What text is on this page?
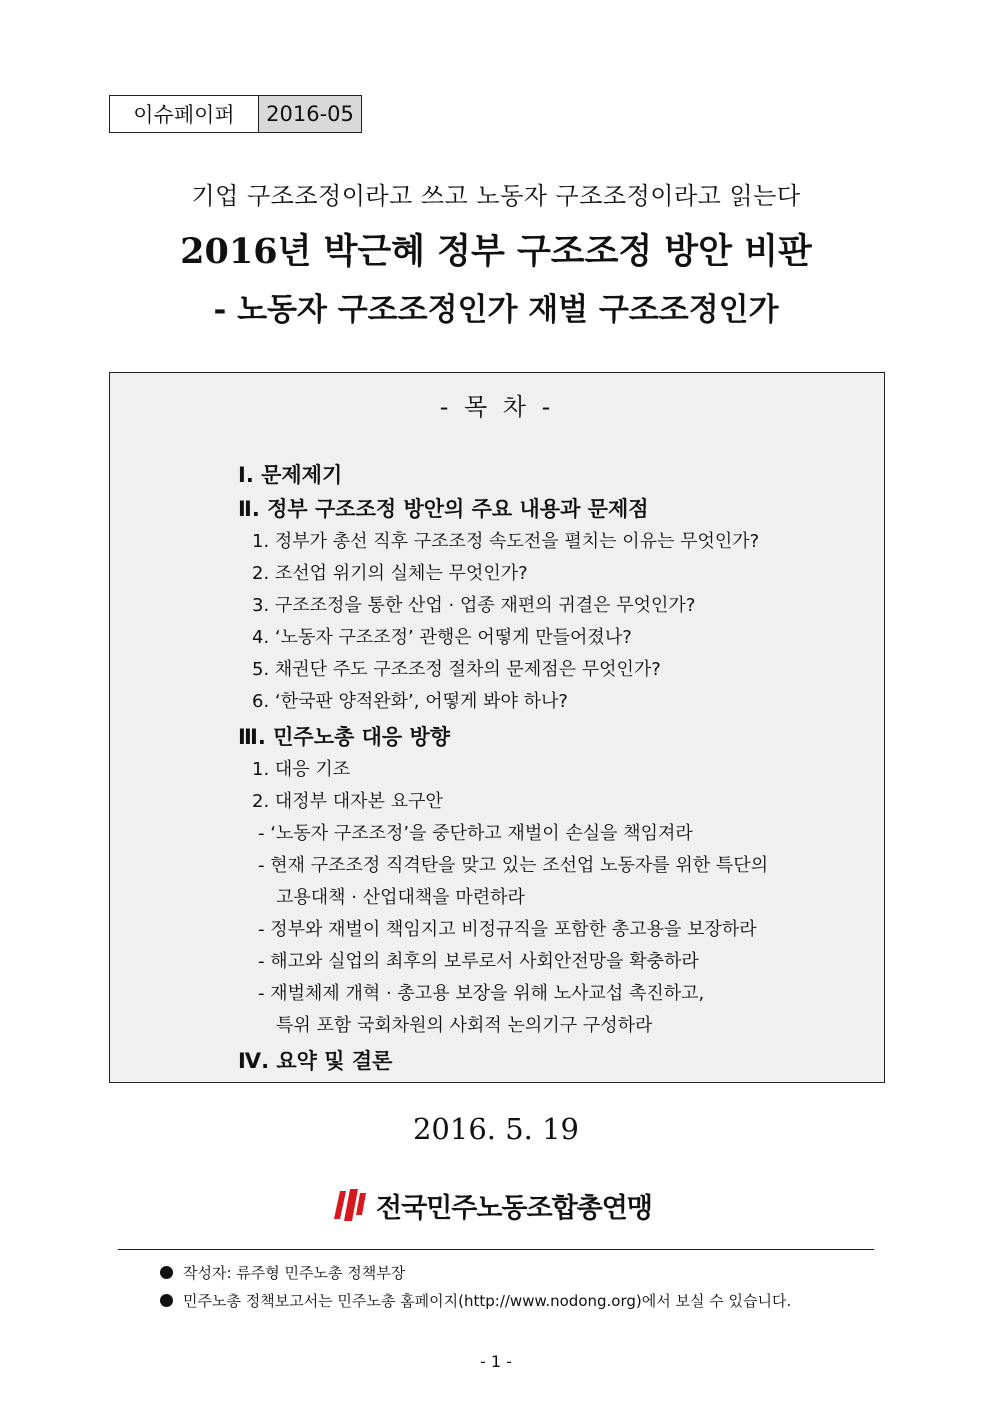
이슈페이퍼	2016-05
기업 구조조정이라고 쓰고 노동자 구조조정이라고 읽는다
2016년 박근혜 정부 구조조정 방안 비판
- 노동자 구조조정인가 재벌 구조조정인가
- 목 차 -
Ⅰ. 문제제기
Ⅱ. 정부 구조조정 방안의 주요 내용과 문제점
1. 정부가 총선 직후 구조조정 속도전을 펼치는 이유는 무엇인가?
2. 조선업 위기의 실체는 무엇인가?
3. 구조조정을 통한 산업 · 업종 재편의 귀결은 무엇인가?
4. ‘노동자 구조조정’ 관행은 어떻게 만들어졌나?
5. 채권단 주도 구조조정 절차의 문제점은 무엇인가?
6. ‘한국판 양적완화’, 어떻게 봐야 하나?
Ⅲ. 민주노총 대응 방향
1. 대응 기조
2. 대정부 대자본 요구안
- ‘노동자 구조조정’을 중단하고 재벌이 손실을 책임져라
- 현재 구조조정 직격탄을 맞고 있는 조선업 노동자를 위한 특단의
고용대책 · 산업대책을 마련하라
- 정부와 재벌이 책임지고 비정규직을 포함한 총고용을 보장하라
- 해고와 실업의 최후의 보루로서 사회안전망을 확충하라
- 재벌체제 개혁 · 총고용 보장을 위해 노사교섭 촉진하고,
특위 포함 국회차원의 사회적 논의기구 구성하라
Ⅳ. 요약 및 결론
2016. 5. 19
전국민주노동조합총연맹
작성자: 류주형 민주노총 정책부장
민주노총 정책보고서는 민주노총 홈페이지(http://www.nodong.org)에서 보실 수 있습니다.
- 1 -
